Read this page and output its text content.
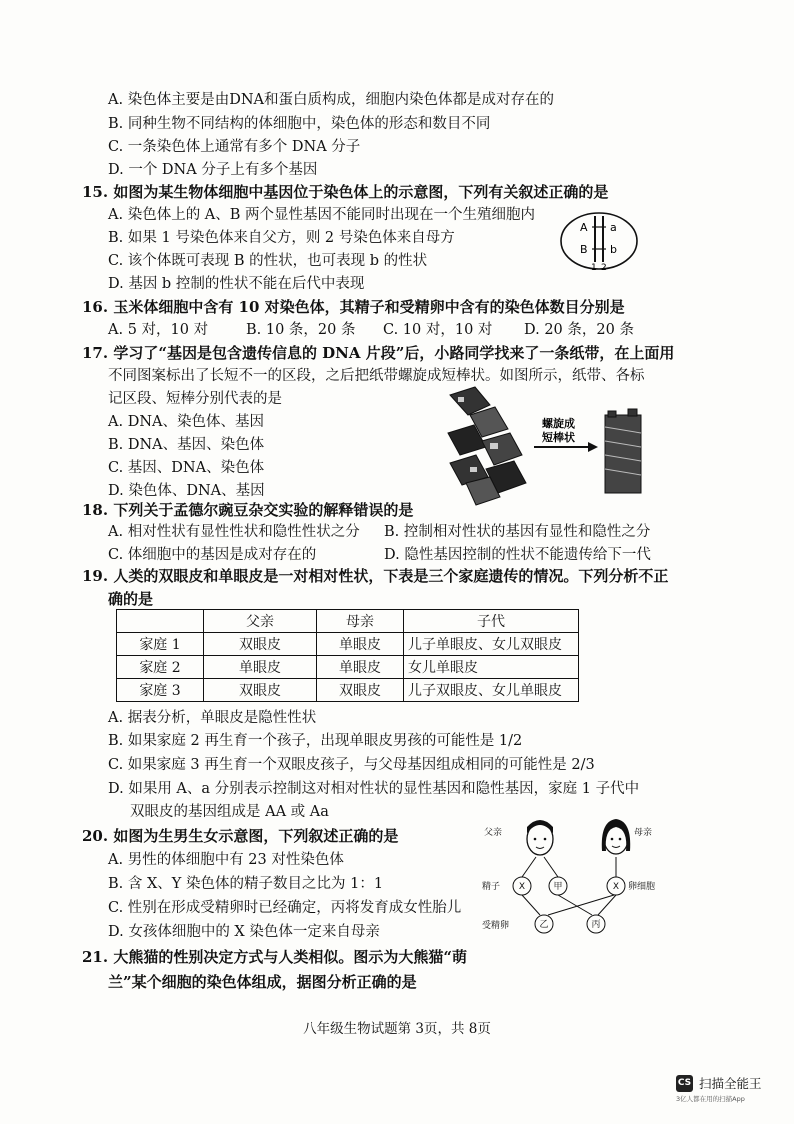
A. 染色体主要是由DNA和蛋白质构成，细胞内染色体都是成对存在的
B. 同种生物不同结构的体细胞中，染色体的形态和数目不同
C. 一条染色体上通常有多个 DNA 分子
D. 一个 DNA 分子上有多个基因
15. 如图为某生物体细胞中基因位于染色体上的示意图，下列有关叙述正确的是
A. 染色体上的 A、B 两个显性基因不能同时出现在一个生殖细胞内
B. 如果 1 号染色体来自父方，则 2 号染色体来自母方
C. 该个体既可表现 B 的性状，也可表现 b 的性状
D. 基因 b 控制的性状不能在后代中表现
A a
B b
1 2
16. 玉米体细胞中含有 10 对染色体，其精子和受精卵中含有的染色体数目分别是
A. 5 对，10 对	B. 10 条，20 条 C. 10 对，10 对 D. 20 条，20 条
17. 学习了“基因是包含遗传信息的 DNA 片段”后，小路同学找来了一条纸带，在上面用
不同图案标出了长短不一的区段，之后把纸带螺旋成短棒状。如图所示，纸带、各标
记区段、短棒分别代表的是
A. DNA、染色体、基因
B. DNA、基因、染色体
C. 基因、DNA、染色体
D. 染色体、DNA、基因
螺旋成
短棒状
18. 下列关于孟德尔豌豆杂交实验的解释错误的是
A. 相对性状有显性性状和隐性性状之分 B. 控制相对性状的基因有显性和隐性之分
C. 体细胞中的基因是成对存在的	D. 隐性基因控制的性状不能遗传给下一代
19. 人类的双眼皮和单眼皮是一对相对性状，下表是三个家庭遗传的情况。下列分析不正
确的是
	父亲	母亲	子代
家庭 1	双眼皮	单眼皮	儿子单眼皮、女儿双眼皮
家庭 2	单眼皮	单眼皮	女儿单眼皮
家庭 3	双眼皮	双眼皮	儿子双眼皮、女儿单眼皮
A. 据表分析，单眼皮是隐性性状
B. 如果家庭 2 再生育一个孩子，出现单眼皮男孩的可能性是 1/2
C. 如果家庭 3 再生育一个双眼皮孩子，与父母基因组成相同的可能性是 2/3
D. 如果用 A、a 分别表示控制这对相对性状的显性基因和隐性基因，家庭 1 子代中
双眼皮的基因组成是 AA 或 Aa
20. 如图为生男生女示意图，下列叙述正确的是
A. 男性的体细胞中有 23 对性染色体
B. 含 X、Y 染色体的精子数目之比为 1：1
C. 性别在形成受精卵时已经确定，丙将发育成女性胎儿
D. 女孩体细胞中的 X 染色体一定来自母亲
父亲	母亲
精子	卵细胞
受精卵
X	甲	X
乙	丙
21. 大熊猫的性别决定方式与人类相似。图示为大熊猫“萌
兰”某个细胞的染色体组成，据图分析正确的是
八年级生物试题第 3页，共 8页
CS 扫描全能王
3亿人都在用的扫描App
